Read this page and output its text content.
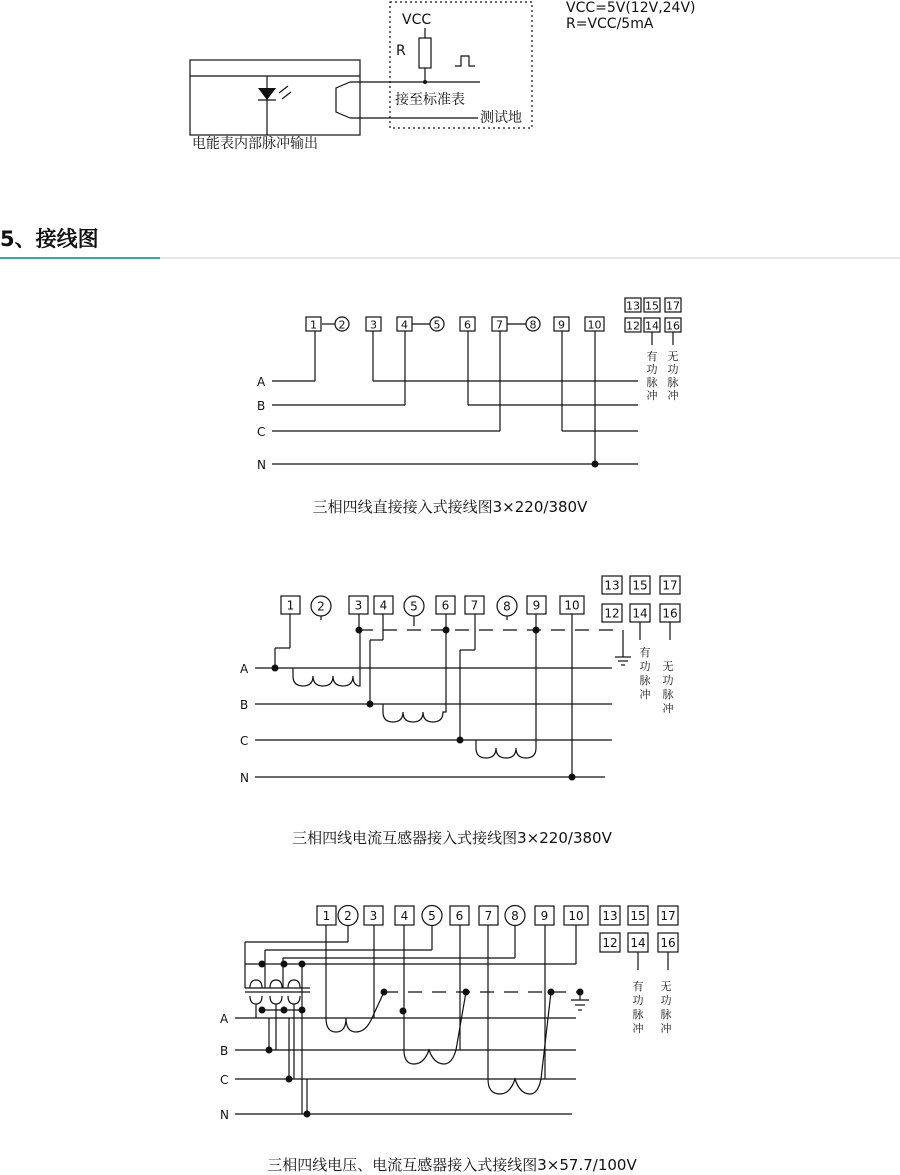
VCC
R
接至标准表
测试地
VCC=5V(12V,24V)
R=VCC/5mA
电能表内部脉冲输出
5、接线图
1 2 3 4 5 6 7 8 9 10
13
12
15
14
17
16
有
功
脉
冲
无
功
脉
冲
A
B
C
N
三相四线直接接入式接线图3×220/380V
1 2 3 4 5 6 7 8 9 10
13
12
15
14
17
16
有
功
脉
冲
无
功
脉
冲
A
B
C
N
三相四线电流互感器接入式接线图3×220/380V
1 2 3 4 5 6 7 8 9 10 13
12
15
14
17
16
有
功
脉
冲
无
功
脉
冲
A
B
C
N
三相四线电压、电流互感器接入式接线图3×57.7/100V
